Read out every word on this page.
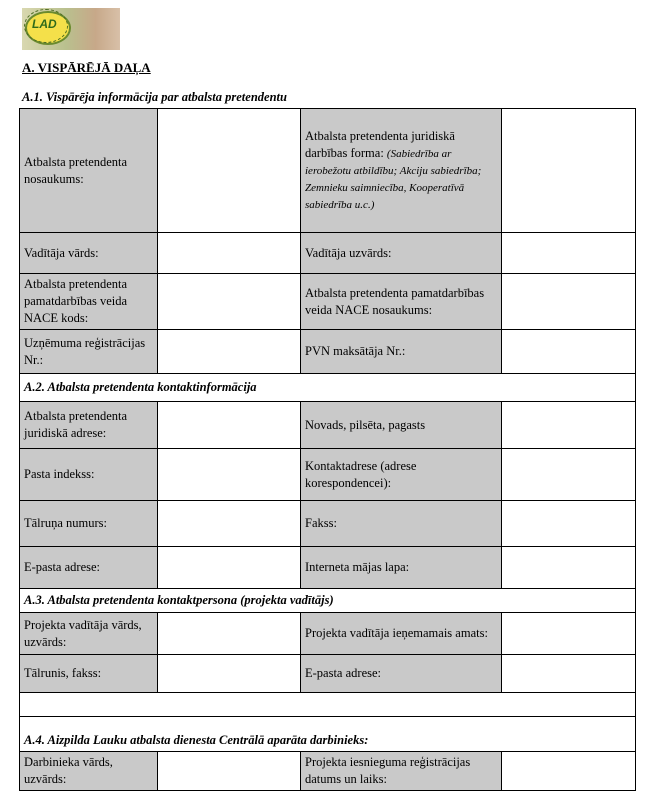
LAD
A. VISPĀRĒJĀ DAĻA
A.1. Vispārēja informācija par atbalsta pretendentu
Atbalsta pretendenta nosaukums:		Atbalsta pretendenta juridiskā darbības forma: (Sabiedrība ar ierobežotu atbildību; Akciju sabiedrība; Zemnieku saimniecība, Kooperatīvā sabiedrība u.c.)	
Vadītāja vārds:		Vadītāja uzvārds:	
Atbalsta pretendenta pamatdarbības veida NACE kods:		Atbalsta pretendenta pamatdarbības veida NACE nosaukums:	
Uzņēmuma reģistrācijas Nr.:		PVN maksātāja Nr.:	
A.2. Atbalsta pretendenta kontaktinformācija			
Atbalsta pretendenta juridiskā adrese:		Novads, pilsēta, pagasts	
Pasta indekss:		Kontaktadrese (adrese korespondencei):	
Tālruņa numurs:		Fakss:	
E-pasta adrese:		Interneta mājas lapa:	
A.3. Atbalsta pretendenta kontaktpersona (projekta vadītājs)			
Projekta vadītāja vārds, uzvārds:		Projekta vadītāja ieņemamais amats:	
Tālrunis, fakss:		E-pasta adrese:	

A.4. Aizpilda Lauku atbalsta dienesta Centrālā aparāta darbinieks:			
Darbinieka vārds, uzvārds:		Projekta iesnieguma reģistrācijas datums un laiks:	
